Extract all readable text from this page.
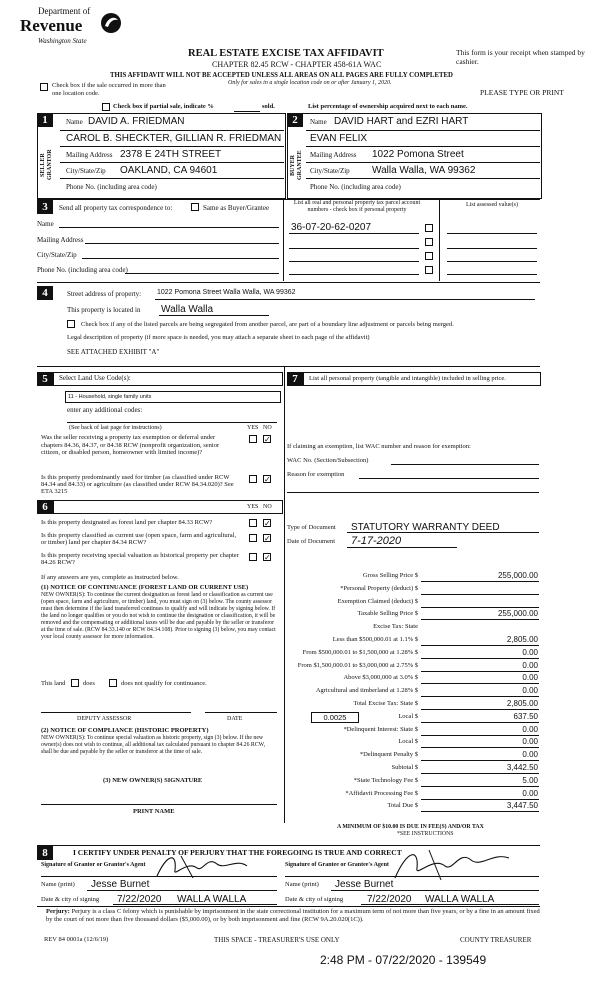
Department of
Revenue
Washington State
REAL ESTATE EXCISE TAX AFFIDAVIT
CHAPTER 82.45 RCW - CHAPTER 458-61A WAC
This form is your receipt when stamped by cashier.
THIS AFFIDAVIT WILL NOT BE ACCEPTED UNLESS ALL AREAS ON ALL PAGES ARE FULLY COMPLETED
Only for sales in a single location code on or after January 1, 2020.
PLEASE TYPE OR PRINT
Check box if the sale occurred in more than one location code.
Check box if partial sale, indicate %	sold.	List percentage of ownership acquired next to each name.
1
SELLER GRANTOR
Name DAVID A. FRIEDMAN
CAROL B. SHECKTER, GILLIAN R. FRIEDMAN
Mailing Address 2378 E 24TH STREET
City/State/Zip OAKLAND, CA 94601
Phone No. (including area code)
2
BUYER GRANTEE
Name DAVID HART and EZRI HART
EVAN FELIX
Mailing Address 1022 Pomona Street
City/State/Zip Walla Walla, WA 99362
Phone No. (including area code)
3	Send all property tax correspondence to:	Same as Buyer/Grantee
List all real and personal property tax parcel account numbers - check box if personal property
List assessed value(s)
Name
Mailing Address
City/State/Zip
Phone No. (including area code)
36-07-20-62-0207
4	Street address of property: 1022 Pomona Street Walla Walla, WA 99362
This property is located in Walla Walla
Check box if any of the listed parcels are being segregated from another parcel, are part of a boundary line adjustment or parcels being merged.
Legal description of property (if more space is needed, you may attach a separate sheet to each page of the affidavit)
SEE ATTACHED EXHIBIT "A"
5	Select Land Use Code(s):
11 - Household, single family units
enter any additional codes:
(See back of last page for instructions)	YES NO
Was the seller receiving a property tax exemption or deferral under chapters 84.36, 84.37, or 84.38 RCW (nonprofit organization, senior citizen, or disabled person, homeowner with limited income)?
✓
Is this property predominantly used for timber (as classified under RCW 84.34 and 84.33) or agriculture (as classified under RCW 84.34.020)? See ETA 3215
✓
7	List all personal property (tangible and intangible) included in selling price.
If claiming an exemption, list WAC number and reason for exemption:
WAC No. (Section/Subsection)
Reason for exemption
Type of Document STATUTORY WARRANTY DEED
Date of Document 7-17-2020
6	YES NO
Is this property designated as forest land per chapter 84.33 RCW?	✓
Is this property classified as current use (open space, farm and agricultural, or timber) land per chapter 84.34 RCW?	✓
Is this property receiving special valuation as historical property per chapter 84.26 RCW?
✓
If any answers are yes, complete as instructed below.
(1) NOTICE OF CONTINUANCE (FOREST LAND OR CURRENT USE)
NEW OWNER(S): To continue the current designation as forest land or classification as current use (open space, farm and agriculture, or timber) land, you must sign on (3) below. The county assessor must then determine if the land transferred continues to qualify and will indicate by signing below. If the land no longer qualifies or you do not wish to continue the designation or classification, it will be removed and the compensating or additional taxes will be due and payable by the seller or transferor at the time of sale. (RCW 84.33.140 or RCW 84.34.108). Prior to signing (3) below, you may contact your local county assessor for more information.
This land	does	does not qualify for continuance.
DEPUTY ASSESSOR	DATE
(2) NOTICE OF COMPLIANCE (HISTORIC PROPERTY)
NEW OWNER(S): To continue special valuation as historic property, sign (3) below. If the new owner(s) does not wish to continue, all additional tax calculated pursuant to chapter 84.26 RCW, shall be due and payable by the seller or transferor at the time of sale.
(3) NEW OWNER(S) SIGNATURE
PRINT NAME
Gross Selling Price $	255,000.00
*Personal Property (deduct) $
Exemption Claimed (deduct) $
Taxable Selling Price $	255,000.00
Excise Tax: State
Less than $500,000.01 at 1.1% $	2,805.00
From $500,000.01 to $1,500,000 at 1.28% $	0.00
From $1,500,000.01 to $3,000,000 at 2.75% $	0.00
Above $3,000,000 at 3.0% $	0.00
Agricultural and timberland at 1.28% $	0.00
Total Excise Tax: State $	2,805.00
Local $	637.50
*Delinquent Interest: State $	0.00
Local $	0.00
*Delinquent Penalty $	0.00
Subtotal $	3,442.50
*State Technology Fee $	5.00
*Affidavit Processing Fee $	0.00
Total Due $	3,447.50
0.0025
A MINIMUM OF $10.00 IS DUE IN FEE(S) AND/OR TAX
*SEE INSTRUCTIONS
8	I CERTIFY UNDER PENALTY OF PERJURY THAT THE FOREGOING IS TRUE AND CORRECT
Signature of Grantor or Grantor's Agent	Signature of Grantee or Grantee's Agent
Name (print) Jesse Burnet	Name (print) Jesse Burnet
Date & city of signing 7/22/2020 WALLA WALLA	Date & city of signing 7/22/2020 WALLA WALLA
Perjury: Perjury is a class C felony which is punishable by imprisonment in the state correctional institution for a maximum term of not more than five years, or by a fine in an amount fixed by the court of not more than five thousand dollars ($5,000.00), or by both imprisonment and fine (RCW 9A.20.020(1C)).
REV 84 0001a (12/6/19)	THIS SPACE - TREASURER'S USE ONLY	COUNTY TREASURER
2:48 PM - 07/22/2020 - 139549
